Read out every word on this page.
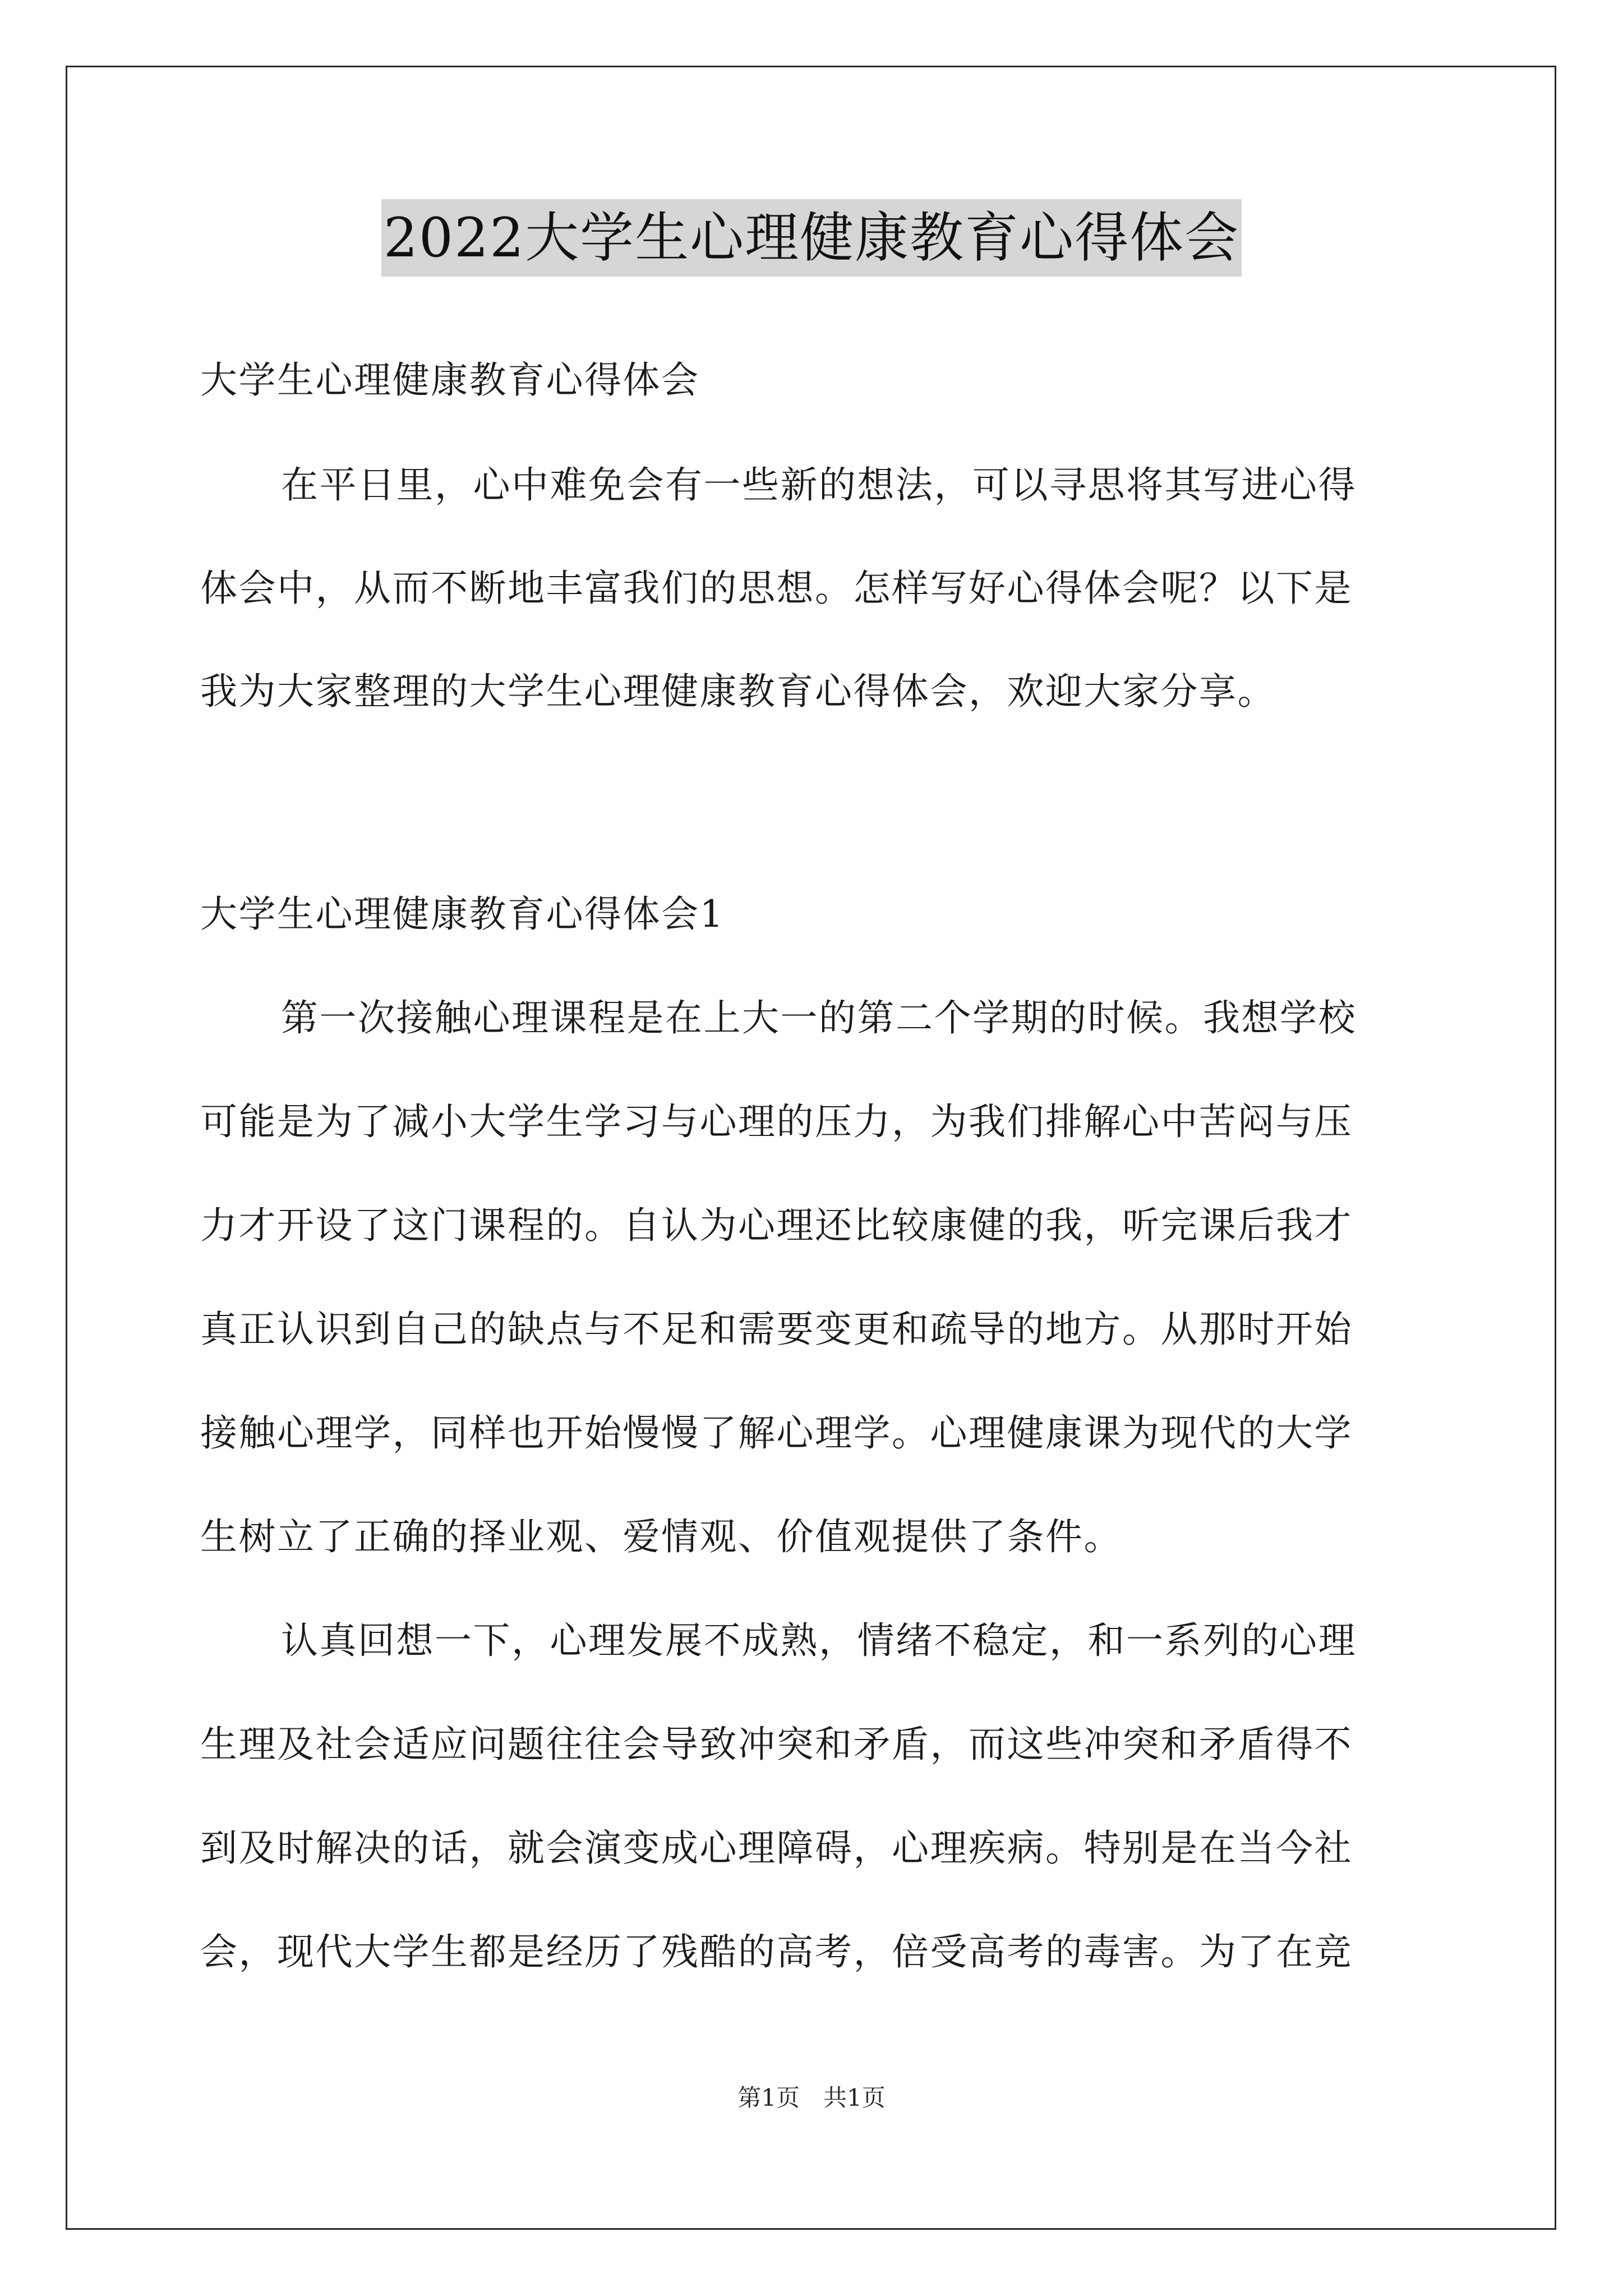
2022大学生心理健康教育心得体会
大学生心理健康教育心得体会
在平日里，心中难免会有一些新的想法，可以寻思将其写进心得
体会中，从而不断地丰富我们的思想。怎样写好心得体会呢？以下是
我为大家整理的大学生心理健康教育心得体会，欢迎大家分享。
大学生心理健康教育心得体会1
第一次接触心理课程是在上大一的第二个学期的时候。我想学校
可能是为了减小大学生学习与心理的压力，为我们排解心中苦闷与压
力才开设了这门课程的。自认为心理还比较康健的我，听完课后我才
真正认识到自己的缺点与不足和需要变更和疏导的地方。从那时开始
接触心理学，同样也开始慢慢了解心理学。心理健康课为现代的大学
生树立了正确的择业观、爱情观、价值观提供了条件。
认真回想一下，心理发展不成熟，情绪不稳定，和一系列的心理
生理及社会适应问题往往会导致冲突和矛盾，而这些冲突和矛盾得不
到及时解决的话，就会演变成心理障碍，心理疾病。特别是在当今社
会，现代大学生都是经历了残酷的高考，倍受高考的毒害。为了在竞
第1页　共1页
